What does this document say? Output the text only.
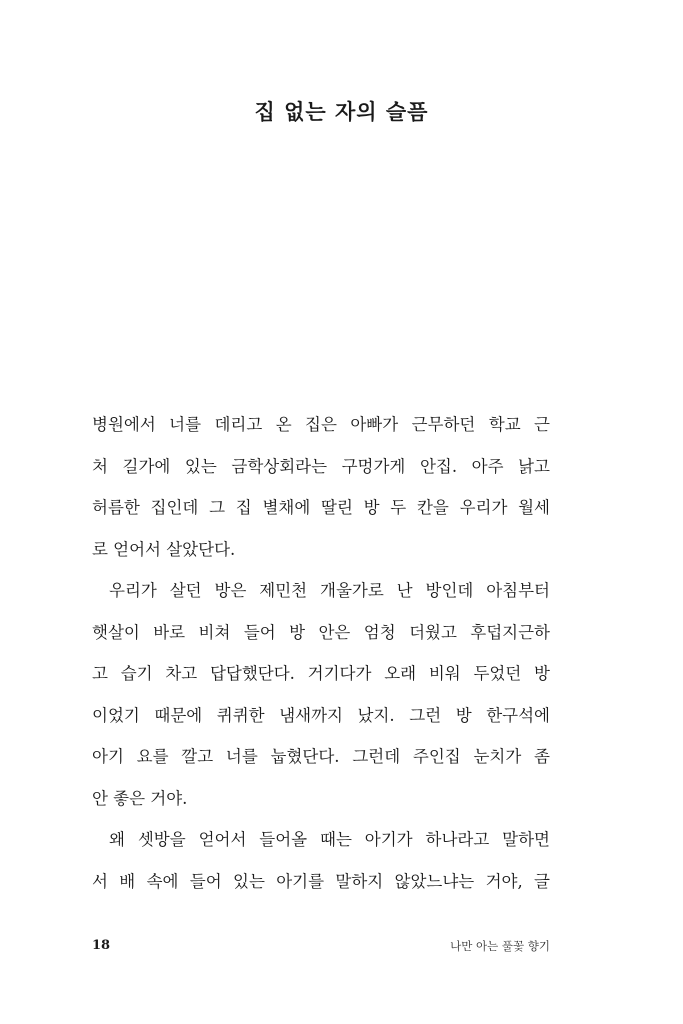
집 없는 자의 슬픔
병원에서 너를 데리고 온 집은 아빠가 근무하던 학교 근
처 길가에 있는 금학상회라는 구멍가게 안집. 아주 낡고
허름한 집인데 그 집 별채에 딸린 방 두 칸을 우리가 월세
로 얻어서 살았단다.
우리가 살던 방은 제민천 개울가로 난 방인데 아침부터
햇살이 바로 비쳐 들어 방 안은 엄청 더웠고 후덥지근하
고 습기 차고 답답했단다. 거기다가 오래 비워 두었던 방
이었기 때문에 퀴퀴한 냄새까지 났지. 그런 방 한구석에
아기 요를 깔고 너를 눕혔단다. 그런데 주인집 눈치가 좀
안 좋은 거야.
왜 셋방을 얻어서 들어올 때는 아기가 하나라고 말하면
서 배 속에 들어 있는 아기를 말하지 않았느냐는 거야, 글
18	나만 아는 풀꽃 향기
